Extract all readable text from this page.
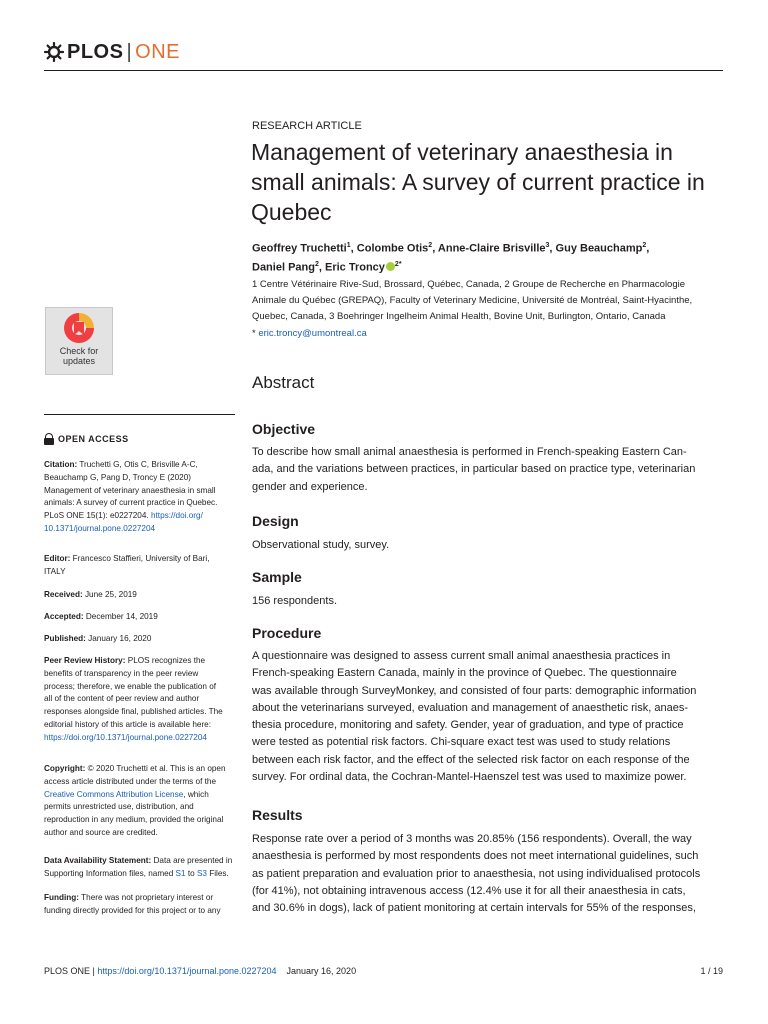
PLOS | ONE
RESEARCH ARTICLE
Management of veterinary anaesthesia in
small animals: A survey of current practice in
Quebec
Geoffrey Truchetti$^1$, Colombe Otis$^2$, Anne-Claire Brisville$^3$, Guy Beauchamp$^2$,
Daniel Pang$^2$, Eric Troncy $^{2*}$
1 Centre Vétérinaire Rive-Sud, Brossard, Québec, Canada, 2 Groupe de Recherche en Pharmacologie
Animale du Québec (GREPAQ), Faculty of Veterinary Medicine, Université de Montréal, Saint-Hyacinthe,
Quebec, Canada, 3 Boehringer Ingelheim Animal Health, Bovine Unit, Burlington, Ontario, Canada
* eric.troncy@umontreal.ca
Check for
updates
OPEN ACCESS
Citation: Truchetti G, Otis C, Brisville A-C,
Beauchamp G, Pang D, Troncy E (2020)
Management of veterinary anaesthesia in small
animals: A survey of current practice in Quebec.
PLoS ONE 15(1): e0227204. https://doi.org/
10.1371/journal.pone.0227204
Editor: Francesco Staffieri, University of Bari,
ITALY
Received: June 25, 2019
Accepted: December 14, 2019
Published: January 16, 2020
Peer Review History: PLOS recognizes the
benefits of transparency in the peer review
process; therefore, we enable the publication of
all of the content of peer review and author
responses alongside final, published articles. The
editorial history of this article is available here:
https://doi.org/10.1371/journal.pone.0227204
Copyright: © 2020 Truchetti et al. This is an open
access article distributed under the terms of the
Creative Commons Attribution License, which
permits unrestricted use, distribution, and
reproduction in any medium, provided the original
author and source are credited.
Data Availability Statement: Data are presented in
Supporting Information files, named S1 to S3 Files.
Funding: There was not proprietary interest or
funding directly provided for this project or to any
Abstract
Objective
To describe how small animal anaesthesia is performed in French-speaking Eastern Can-
ada, and the variations between practices, in particular based on practice type, veterinarian
gender and experience.
Design
Observational study, survey.
Sample
156 respondents.
Procedure
A questionnaire was designed to assess current small animal anaesthesia practices in
French-speaking Eastern Canada, mainly in the province of Quebec. The questionnaire
was available through SurveyMonkey, and consisted of four parts: demographic information
about the veterinarians surveyed, evaluation and management of anaesthetic risk, anaes-
thesia procedure, monitoring and safety. Gender, year of graduation, and type of practice
were tested as potential risk factors. Chi-square exact test was used to study relations
between each risk factor, and the effect of the selected risk factor on each response of the
survey. For ordinal data, the Cochran-Mantel-Haenszel test was used to maximize power.
Results
Response rate over a period of 3 months was 20.85% (156 respondents). Overall, the way
anaesthesia is performed by most respondents does not meet international guidelines, such
as patient preparation and evaluation prior to anaesthesia, not using individualised protocols
(for 41%), not obtaining intravenous access (12.4% use it for all their anaesthesia in cats,
and 30.6% in dogs), lack of patient monitoring at certain intervals for 55% of the responses,
PLOS ONE | https://doi.org/10.1371/journal.pone.0227204 January 16, 2020	1 / 19
